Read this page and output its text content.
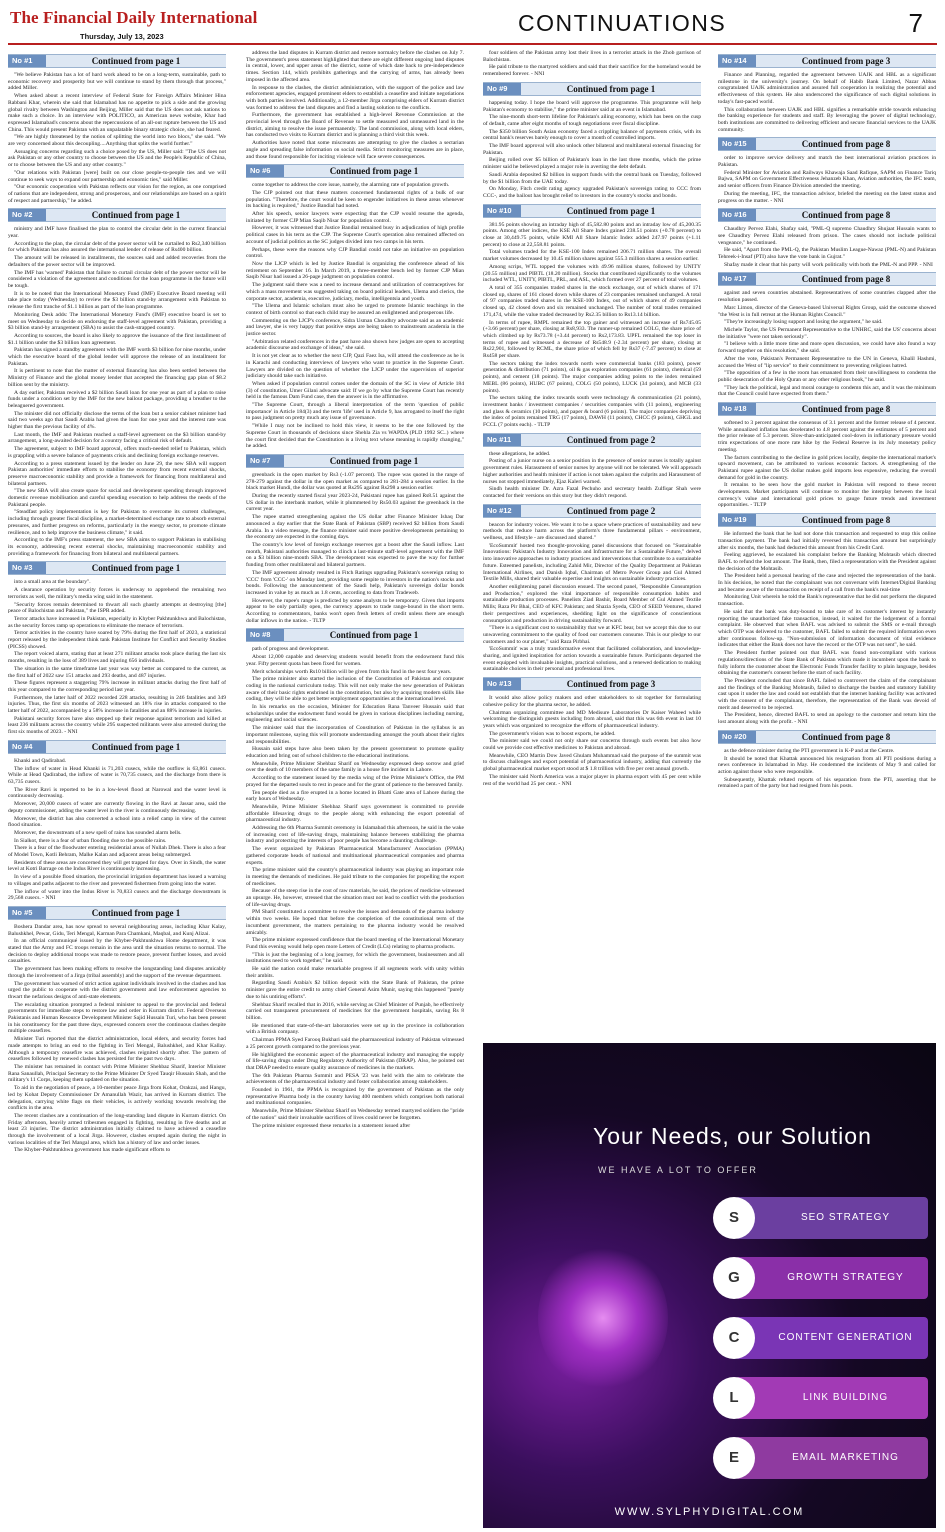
The Financial Daily International
Thursday, July 13, 2023
CONTINUATIONS	7
No #1	Continued from page 1

"We believe Pakistan has a lot of hard work ahead to be on a long-term, sustainable, path to economic recovery and prosperity but we will continue to stand by them through that process," added Miller.

When asked about a recent interview of Federal State for Foreign Affairs Minister Hina Rabbani Khar, wherein she said that Islamabad has no appetite to pick a side and the growing global rivalry between Washington and Beijing, Miller said that the US does not ask nations to make such a choice. In an interview with POLITICO, an American news website, Khar had expressed Islamabad's concerns about the repercussions of an all-out rupture between the US and China. This would present Pakistan with an unpalatable binary strategic choice, she had feared.

"We are highly threatened by the notion of splitting the world into two blocs," she said. "We are very concerned about this decoupling....Anything that splits the world further."

Assuaging concerns regarding such a choice posed by the US, Miller said: "The US does not ask Pakistan or any other country to choose between the US and the People's Republic of China, or to choose between the US and any other country."

"Our relations with Pakistan [were] built on our close people-to-people ties and we will continue to seek ways to expand our partnership and economic ties," said Miller.

"Our economic cooperation with Pakistan reflects our vision for the region, as one comprised of nations that are independent, strong and prosperous, and our relationships are based on a spirit of respect and partnership," he added.

No #2	Continued from page 1

ministry and IMF have finalised the plan to control the circular debt in the current financial year.

According to the plan, the circular debt of the power sector will be curtailed to Rs2,340 billion for which Pakistan has also assured the international lender of release of Rs400 billion.

The amount will be released in installments, the sources said and added recoveries from the defaulters of the power sector will be improved.

The IMF has 'warned' Pakistan that failure to curtail circular debt of the power sector will be considered a violation of the agreement and conditions for the loan programme in the future will be tough.

It is to be noted that the International Monetary Fund (IMF) Executive Board meeting will take place today (Wednesday) to review the $3 billion stand-by arrangement with Pakistan to release the first tranche of $1.1 billion as part of the loan programme.

Monitoring Desk adds: The International Monetary Fund's (IMF) executive board is set to meet on Wednesday to decide on endorsing the staff-level agreement with Pakistan, providing a $3 billion stand-by arrangement (SBA) to assist the cash-strapped country.

According to sources, the board is also likely to approve the issuance of the first installment of $1.1 billion under the $3 billion loan agreement.

Pakistan has signed a standby agreement with the IMF worth $3 billion for nine months, under which the executive board of the global lender will approve the release of an installment for Pakistan.

It is pertinent to note that the matter of external financing has also been settled between the Ministry of Finance and the global money lender that accepted the financing gap plan of $8.2 billion sent by the ministry.

A day earlier, Pakistan received a $2 billion Saudi loan for one year as part of a plan to raise funds under a condition set by the IMF for the new bailout package, providing a breather to the beleaguered government.

The minister did not officially disclose the terms of the loan but a senior cabinet minister had said two weeks ago that Saudi Arabia had given the loan for one year and the interest rate was higher than the previous facility of 4%.

Last month, the IMF and Pakistan reached a staff-level agreement on the $3 billion stand-by arrangement, a long-awaited decision for a country facing a critical risk of default.

The agreement, subject to IMF board approval, offers much-needed relief to Pakistan, which is grappling with a severe balance of payments crisis and declining foreign exchange reserves.

According to a press statement issued by the lender on June 29, the new SBA will support Pakistan authorities' immediate efforts to stabilise the economy from recent external shocks, preserve macroeconomic stability and provide a framework for financing from multilateral and bilateral partners.

"The new SBA will also create space for social and development spending through improved domestic revenue mobilisation and careful spending execution to help address the needs of the Pakistani people.

"Steadfast policy implementation is key for Pakistan to overcome its current challenges, including through greater fiscal discipline, a market-determined exchange rate to absorb external pressures, and further progress on reforms, particularly in the energy sector, to promote climate resilience, and to help improve the business climate," it said.

According to the IMF's press statement, the new SBA aims to support Pakistan in stabilising its economy, addressing recent external shocks, maintaining macroeconomic stability and providing a framework for financing from bilateral and multilateral partners.

No #3	Continued from page 1

into a small area at the boundary".

A clearance operation by security forces is underway to apprehend the remaining two terrorists as well, the military's media wing said in the statement.

"Security forces remain determined to thwart all such ghastly attempts at destroying [the] peace of Balochistan and Pakistan," the ISPR added.

Terror attacks have increased in Pakistan, especially in Khyber Pakhtunkhwa and Balochistan, as the security forces ramp up operations to eliminate the menace of terrorism.

Terror activities in the country have soared by 79% during the first half of 2023, a statistical report released by the independent think tank Pakistan Institute for Conflict and Security Studies (PICSS) showed.

The report voiced alarm, stating that at least 271 militant attacks took place during the last six months, resulting in the loss of 389 lives and injuring 656 individuals.

The situation in the same timeframe last year was way better as compared to the current, as the first half of 2022 saw 151 attacks and 293 deaths, and 487 injuries.

These figures represent a staggering 79% increase in militant attacks during the first half of this year compared to the corresponding period last year.

Furthermore, the latter half of 2022 recorded 228 attacks, resulting in 246 fatalities and 349 injuries. Thus, the first six months of 2023 witnessed an 18% rise in attacks compared to the latter half of 2022, accompanied by a 58% increase in fatalities and an 88% increase in injuries.

Pakistani security forces have also stepped up their response against terrorism and killed at least 236 militants across the country while 295 suspected militants were also arrested during the first six months of 2023. - NNI

No #4	Continued from page 1

Khanki and Qadirabad.

The inflow of water in Head Khanki is 71,203 cusecs, while the outflow is 63,861 cusecs. While at Head Qadirabad, the inflow of water is 70,735 cusecs, and the discharge from there is 63,735 cusecs.

The River Ravi is reported to be in a low-level flood at Narowal and the water level is continuously decreasing.

Moreover, 20,000 cusecs of water are currently flowing in the Ravi at Jassar area, said the deputy commissioner, adding the water level in the river is continuously decreasing.

Moreover, the district has also converted a school into a relief camp in view of the current flood situation.

Moreover, the downstream of a new spell of rains has sounded alarm bells.

In Sialkot, there is a fear of urban flooding due to the possible rains.

There is a fear of the floodwater entering residential areas of Nullah Dhek. There is also a fear of Model Town, Kotli Behram, Malke Kalan and adjacent areas being submerged.

Residents of these areas are concerned they will get trapped for days. Over in Sindh, the water level at Kotri Barrage on the Indus River is continuously increasing.

In view of a possible flood situation, the provincial irrigation department has issued a warning to villages and paths adjacent to the river and prevented fishermen from going into the water.

The inflow of water into the Indus River is 70,833 cusecs and the discharge downstream is 29,568 cusecs. - NNI

No #5	Continued from page 1

Boshera Dandar area, has now spread to several neighbouring areas, including Khar Kalay, Balushkhel, Pewar, Gidu, Teri Mengal, Karman Para Chamkani, Maqbal, and Kunj Alizai.

In an official communiqué issued by the Khyber-Pakhtunkhwa Home department, it was stated that the Army and FC troops remain in the area until the situation returns to normal. The decision to deploy additional troops was made to restore peace, prevent further losses, and avoid casualties.

The government has been making efforts to resolve the longstanding land disputes amicably through the involvement of a Jirga (tribal assembly) and the support of the revenue department.

The government has warned of strict action against individuals involved in the clashes and has urged the public to cooperate with the district government and law enforcement agencies to thwart the nefarious designs of anti-state elements.

The escalating situation prompted a federal minister to appeal to the provincial and federal governments for immediate steps to restore law and order in Kurram district. Federal Overseas Pakistanis and Human Resource Development Minister Sajid Hussain Turi, who has been present in his constituency for the past three days, expressed concern over the continuous clashes despite multiple ceasefires.

Minister Turi reported that the district administration, local elders, and security forces had made attempts to bring an end to the fighting in Teri Mengal, Balushkhel, and Khar Kallay. Although a temporary ceasefire was achieved, clashes reignited shortly after. The pattern of ceasefires followed by renewed clashes has persisted for the past two days.

The minister has remained in contact with Prime Minister Shehbaz Sharif, Interior Minister Rana Sanaullah, Principal Secretary to the Prime Minister Dr Syed Tauqir Hussain Shah, and the military's 11 Corps, keeping them updated on the situation.

To aid in the negotiation of peace, a 10-member peace Jirga from Kohat, Orakzai, and Hangu, led by Kohat Deputy Commissioner Dr Amanullah Wazir, has arrived in Kurram district. The delegation, carrying white flags on their vehicles, is actively working towards resolving the conflicts in the area.

The recent clashes are a continuation of the long-standing land dispute in Kurram district. On Friday afternoon, heavily armed tribesmen engaged in fighting, resulting in five deaths and at least 23 injuries. The district administration initially claimed to have achieved a ceasefire through the involvement of a local Jirga. However, clashes erupted again during the night in various localities of the Teri Mangal area, which has a history of law and order issues.

The Khyber-Pakhtunkhwa government has made significant efforts to

address the land disputes in Kurram district and restore normalcy before the clashes on July 7. The government's press statement highlighted that there are eight different ongoing land disputes in central, lower, and upper areas of the district, some of which date back to pre-independence times. Section 144, which prohibits gatherings and the carrying of arms, has already been imposed in the affected area.

In response to the clashes, the district administration, with the support of the police and law enforcement agencies, engaged prominent elders to establish a ceasefire and initiate negotiations with both parties involved. Additionally, a 12-member Jirga comprising elders of Kurram district was formed to address the land disputes and find a lasting solution to the conflicts.

Furthermore, the government has established a high-level Revenue Commission at the provincial level through the Board of Revenue to settle measured and unmeasured land in the district, aiming to resolve the issue permanently. The land commission, along with local elders, has conducted two visits to Kurram district and is planning a third visit this week.

Authorities have noted that some miscreants are attempting to give the clashes a sectarian angle and spreading false information on social media. Strict monitoring measures are in place, and those found responsible for inciting violence will face severe consequences.

No #6	Continued from page 1

come together to address the core issue, namely, the alarming rate of population growth.

The CJP pointed out that these matters concerned fundamental rights of a bulk of our population. "Therefore, the court would be keen to engender initiatives in these areas whenever its backing is required," Justice Bandial had noted.

After his speech, senior lawyers were expecting that the CJP would resume the agenda, initiated by former CJP Mian Saqib Nisar for population control.

However, it was witnessed that Justice Bandial remained busy in adjudication of high profile political cases in his term as the CJP. The Supreme Court's operation also remained affected on account of judicial politics as the SC judges divided into two camps in his term.

Perhaps, these were the reasons why CJP Bandial could not take an initiative on population control.

Now the LJCP which is led by Justice Bandial is organizing the conference ahead of his retirement on September 16. In March 2019, a three-member bench led by former CJP Mian Saqib Nisar had issued a 26-page judgment on population control.

The judgment said there was a need to increase demand and utilization of contraceptives for which a mass movement was suggested taking on board political leaders, Ulema and clerics, the corporate sector, academia, executive, judiciary, media, intelligentsia and youth.

"The Ulema and Islamic scholars must also be urged to promote Islamic teachings in the context of birth control so that each child may be assured an enlightened and prosperous life.

Commenting on the LJCP's conference, Sidra Usman Choudhry advocate said as an academic and lawyer, she is very happy that positive steps are being taken to mainstream academia in the justice sector.

"Arbitration related conferences in the past have also shown how judges are open to accepting academic discourse and exchange of ideas," she said.

It is not yet clear as to whether the next CJP, Qazi Faez Isa, will attend the conference as he is in Karachi and conducting interviews of lawyers who want to practice in the Supreme Court. Lawyers are divided on the question of whether the LJCP under the supervision of superior judiciary should take such initiative.

When asked if population control comes under the domain of the SC in view of Article 184 (3) of constitution, Umer Gilani advocate said: If we go by what the Supreme Court has recently held in the famous Dam Fund case, then the answer is in the affirmative.

"The Supreme Court, through a liberal interpretation of the term 'question of public importance' in Article 184(3) and the term 'life' used in Article 9, has arrogated to itself the right to pass judgment on pretty much any issue of governance.

"While I may not be inclined to hold this view, it seems to be the one followed by the Supreme Court in thousands of decisions since Shehla Zia vs WAPDA (PLD 1992 SC..) where the court first decided that the Constitution is a living text whose meaning is rapidly changing," he added.

No #7	Continued from page 1

greenback in the open market by Rs3 (-1.07 percent). The rupee was quoted in the range of 278-279 against the dollar in the open market as compared to 281-284 a session earlier. In the black market Hundi, the dollar was quoted at Rs295 against Rs298 a session earlier.

During the recently started fiscal year 2023-24, Pakistani rupee has gained Rs8.51 against the US dollar in the interbank market, while it plummeted by Rs50.03 against the greenback in the current year.

The rupee started strengthening against the US dollar after Finance Minister Ishaq Dar announced a day earlier that the State Bank of Pakistan (SBP) received $2 billion from Saudi Arabia. In a video message, the finance minister said more positive developments pertaining to the economy are expected in the coming days.

The country's low level of foreign exchange reserves got a boost after the Saudi inflow. Last month, Pakistani authorities managed to clinch a last-minute staff-level agreement with the IMF on a $3 billion nine-month SBA. The development was expected to pave the way for further funding from other multilateral and bilateral partners.

The IMF agreement already resulted in Fitch Ratings upgrading Pakistan's sovereign rating to 'CCC' from 'CCC-' on Monday last, providing some respite to investors in the nation's stocks and bonds. Following the announcement of the Saudi help, Pakistan's sovereign dollar bonds increased in value by as much as 1.8 cents, according to data from Tradeweb.

However, the rupee's range is predicted by some analysts to be temporary. Given that imports appear to be only partially open, the currency appears to trade range-bound in the short term. According to commentators, banks won't open fresh letters of credit unless there are enough dollar inflows in the nation. - TLTP

No #8	Continued from page 1

path of progress and development.

About 12,000 capable and deserving students would benefit from the endowment fund this year. Fifty percent quota has been fixed for women.

Merit scholarships worth Rs10 billion will be given from this fund in the next four years.

The prime minister also started the inclusion of the Constitution of Pakistan and computer coding in the national curriculum today. This will not only make the new generation of Pakistan aware of their basic rights enshrined in the constitution, but also by acquiring modern skills like coding, they will be able to get better employment opportunities at the international level.

In his remarks on the occasion, Minister for Education Rana Tanveer Hussain said that scholarships under the endowment fund would be given in various disciplines including nursing, engineering and social sciences.

The minister said that the incorporation of Constitution of Pakistan in the syllabus is an important milestone, saying this will promote understanding amongst the youth about their rights and responsibilities.

Hussain said steps have also been taken by the present government to promote quality education and bring out of school children to the educational institutions.

Meanwhile, Prime Minister Shehbaz Sharif on Wednesday expressed deep sorrow and grief over the death of 10 members of the same family in a house fire incident in Lahore.

According to the statement issued by the media wing of the Prime Minister's Office, the PM prayed for the departed souls to rest in peace and for the grant of patience to the bereaved family.

Ten people died as a fire erupted in a home located in Bhatti Gate area of Lahore during the early hours of Wednesday.

Meanwhile, Prime Minister Shehbaz Sharif says government is committed to provide affordable lifesaving drugs to the people along with enhancing the export potential of pharmaceutical industry.

Addressing the 6th Pharma Summit ceremony in Islamabad this afternoon, he said in the wake of increasing cost of life-saving drugs, maintaining balance between stabilizing the pharma industry and protecting the interests of poor people has become a daunting challenge.

The event organized by Pakistan Pharmaceutical Manufacturers' Association (PPMA) gathered corporate heads of national and multinational pharmaceutical companies and pharma experts.

The prime minister said the country's pharmaceutical industry was playing an important role in meeting the demands of medicines. He paid tribute to the companies for propelling the export of medicines.

Because of the steep rise in the cost of raw materials, he said, the prices of medicine witnessed an upsurge. He, however, stressed that the situation must not lead to conflict with the production of life-saving drugs.

PM Sharif constituted a committee to resolve the issues and demands of the pharma industry within two weeks. He hoped that before the completion of the constitutional term of the incumbent government, the matters pertaining to the pharma industry would be resolved amicably.

The prime minister expressed confidence that the board meeting of the International Monetary Fund this evening would help open more Letters of Credit (LCs) relating to pharma products.

"This is just the beginning of a long journey, for which the government, businessmen and all institutions need to work together," he said.

He said the nation could make remarkable progress if all segments work with unity within their ambits.

Regarding Saudi Arabia's $2 billion deposit with the State Bank of Pakistan, the prime minister gave the entire credit to army chief General Asim Munir, saying this happened "purely due to his untiring efforts".

Shehbaz Sharif recalled that in 2016, while serving as Chief Minister of Punjab, he effectively carried out transparent procurement of medicines for the government hospitals, saving Rs 8 billion.

He mentioned that state-of-the-art laboratories were set up in the province in collaboration with a British company.

Chairman PPMA Syed Farooq Bukhari said the pharmaceutical industry of Pakistan witnessed a 25 percent growth compared to the previous year.

He highlighted the economic aspect of the pharmaceutical industry and managing the supply of life-saving drugs under Drug Regulatory Authority of Pakistan (DRAP). Also, he pointed out that DRAP needed to ensure quality assurance of medicines in the markets.

The 6th Pakistan Pharma Summit and PESA '23 was held with the aim to celebrate the achievements of the pharmaceutical industry and foster collaboration among stakeholders.

Founded in 1961, the PPMA is recognized by the government of Pakistan as the only representative Pharma body in the country having 400 members which comprises both national and multinational companies.

Meanwhile, Prime Minister Shehbaz Sharif on Wednesday termed martyred soldiers the "pride of the nation" said their invaluable sacrifices of lives could never be forgotten.

The prime minister expressed these remarks in a statement issued after

four soldiers of the Pakistan army lost their lives in a terrorist attack in the Zhob garrison of Balochistan.

He paid tribute to the martyred soldiers and said that their sacrifice for the homeland would be remembered forever. - NNI

No #9	Continued from page 1

happening today. I hope the board will approve the programme. This programme will help Pakistan's economy to stabilise," the prime minister said at an event in Islamabad.

The nine-month short-term lifeline for Pakistan's ailing economy, which has been on the cusp of default, came after eight months of tough negotiations over fiscal discipline.

The $350 billion South Asian economy faced a crippling balance of payments crisis, with its central bank's reserves barely enough to cover a month of controlled imports.

The IMF board approval will also unlock other bilateral and multilateral external financing for Pakistan.

Beijing rolled over $5 billion of Pakistan's loan in the last three months, which the prime minister said he believed played a major role in averting the debt default.

Saudi Arabia deposited $2 billion in support funds with the central bank on Tuesday, followed by the $1 billion from the UAE today.

On Monday, Fitch credit rating agency upgraded Pakistan's sovereign rating to CCC from CCC-, and the bailout has brought relief to investors in the country's stocks and bonds.

No #10	Continued from page 1

381.95 points showing an intraday high of 45,582.80 points and an intraday low of 45,200.35 points. Among other indices, the KSE All Share Index gained 238.51 points (+0.78 percent) to close at 30,449.75 points, while KMI All Share Islamic Index added 247.97 points (+1.11 percent) to close at 22,558.81 points.

Total volumes traded for the KSE-100 Index remained 206.71 million shares. The overall market volumes decreased by 10.45 million shares against 555.3 million shares a session earlier.

Among scrips, WTL topped the volumes with 49.96 million shares, followed by UNITY (20.55 million) and PIBTL (18.20 million). Stocks that contributed significantly to the volumes included WTL, UNITY, PIBTL, PRL, and ASL, which formed over 27 percent of total volumes.

A total of 355 companies traded shares in the stock exchange, out of which shares of 171 closed up, shares of 161 closed down while shares of 23 companies remained unchanged. A total of 97 companies traded shares in the KSE-100 Index, out of which shares of 49 companies closed up, 42 closed down and six remained unchanged. The number of total trades remained 171,474, while the value traded decreased by Rs2.35 billion to Rs13.14 billion.

In terms of rupee, RMPL remained the top gainer and witnessed an increase of Rs745.05 (+3.66 percent) per share, closing at Rs8,933. The runner-up remained COLG, the share price of which climbed up by Rs73.78 (+3.44 percent) to Rs2,173.83. UPFL remained the top loser in terms of rupee and witnessed a decrease of Rs548.9 (-2.34 percent) per share, closing at Rs22,901, followed by RCML, the share price of which fell by Rs37 (-7.47 percent) to close at Rs458 per share.

The sectors taking the index towards north were commercial banks (183 points), power generation & distribution (71 points), oil & gas exploration companies (61 points), chemical (59 points), and cement (18 points). The major companies adding points to the index remained MEBL (86 points), HUBC (67 points), COLG (50 points), LUCK (34 points), and MCB (33 points).

The sectors taking the index towards south were technology & communication (21 points), investment banks / investment companies / securities companies with (11 points), engineering and glass & ceramics (10 points), and paper & board (6 points). The major companies depriving the index of points remained TRG (17 points), DAWH (11 points), CHCC (9 points), GHGL and FCCL (7 points each). - TLTP

No #11	Continued from page 2

these allegations, he added.

Posting of a junior nurse on a senior position in the presence of senior nurses is totally against government rules. Harassment of senior nurses by anyone will not be tolerated. We will approach higher authorities and health minister if action is not taken against the culprits and Harassment of nurses not stopped immediately, Ejaz Kaleri warned.

Sindh health minister Dr. Azra Fazal Pechuho and secretary health Zulfiqar Shah were contacted for their versions on this story but they didn't respond.

No #12	Continued from page 2

beacon for industry voices. We want it to be a space where practices of sustainability and new methods that reduce harm across the platform's three fundamental pillars - environment, wellness, and lifestyle - are discussed and shared."

'EcoSummit' hosted two thought-provoking panel discussions that focused on "Sustainable Innovations: Pakistan's Industry Innovation and Infrastructure for a Sustainable Future," delved into innovative approaches to industry practices and interventions that contribute to a sustainable future. Esteemed panelists, including Zahid Mir, Director of the Quality Department at Pakistan International Airlines, and Danish Iqbal, Chairman of Metro Power Group and Gul Ahmed Textile Mills, shared their valuable expertise and insights on sustainable industry practices.

Another enlightening panel discussion ensued. The second panel, "Responsible Consumption and Production," explored the vital importance of responsible consumption habits and sustainable production processes. Panelists Ziad Bashir, Board Member of Gul Ahmed Textile Mills; Raza Pir Bhai, CEO of KFC Pakistan; and Shazia Syeda, CEO of SEED Ventures, shared their perspectives and experiences, shedding light on the significance of conscientious consumption and production in driving sustainability forward.

"There is a significant cost to sustainability that we at KFC bear, but we accept this due to our unwavering commitment to the quality of food our customers consume. This is our pledge to our customers and to our planet," said Raza Pirbhai.

'EcoSummit' was a truly transformative event that facilitated collaboration, and knowledge-sharing, and ignited inspiration for action towards a sustainable future. Participants departed the event equipped with invaluable insights, practical solutions, and a renewed dedication to making sustainable choices in their personal and professional lives.

No #13	Continued from page 3

It would also allow policy makers and other stakeholders to sit together for formulating cohesive policy for the pharma sector, he added.

Chairman organizing committee and MD Medisure Laboratories Dr Kaiser Waheed while welcoming the distinguish guests including from abroad, said that this was 6th event in last 10 years which was organized to recognize the efforts of pharmaceutical industry.

The government's vision was to boost exports, he added.

The minister said we could not only share our concerns through such events but also how could we provide cost effective medicines to Pakistan and abroad.

Meanwhile, CEO Martin Dow Javed Ghulam Muhammad said the purpose of the summit was to discuss challenges and export potential of pharmaceutical industry, adding that currently the global pharmaceutical market export stood at $ 1.8 trillion with five per cent annual growth.

The minister said North America was a major player in pharma export with 45 per cent while rest of the world had 25 per cent. - NNI

No #14	Continued from page 3

Finance and Planning, regarded the agreement between UAJK and HBL as a significant milestone in the university's journey. On behalf of Habib Bank Limited, Nazar Abbas congratulated UAJK administration and assured full cooperation in realizing the potential and effectiveness of this system. He also underscored the significance of such digital solutions in today's fast-paced world.

This collaboration between UAJK and HBL signifies a remarkable stride towards enhancing the banking experience for students and staff. By leveraging the power of digital technology, both institutions are committed to delivering efficient and secure financial services to the UAJK community.

No #15	Continued from page 8

order to improve service delivery and match the best international aviation practices in Pakistan.

Federal Minister for Aviation and Railways Khawaja Saad Rafique, SAPM on Finance Tariq Bajwa, SAPM on Government Effectiveness Jehanzeb Khan, Aviation authorities, the IFC team, and senior officers from Finance Division attended the meeting.

During the meeting, IFC, the transaction advisor, briefed the meeting on the latest status and progress on the matter. - NNI

No #16	Continued from page 8

Chaudhry Pervez Elahi, Shafay said, "PML-Q supremo Chaudhry Shujaat Hussain wants to see Chaudhry Pervez Elahi released from prison. The cases should not include political vengeance," he continued.

He said, "Apart from the PML-Q, the Pakistan Muslim League-Nawaz (PML-N) and Pakistan Tehreek-i-Insaf (PTI) also have the vote bank in Gujrat."

Shafay made it clear that his party will work politically with both the PML-N and PPP. - NNI

No #17	Continued from page 8

against and seven countries abstained. Representatives of some countries clapped after the resolution passed.

Marc Limon, director of the Geneva-based Universal Rights Group, said the outcome showed "the West is in full retreat at the Human Rights Council."

"They're increasingly losing support and losing the argument," he said.

Michele Taylor, the US Permanent Representative to the UNHRC, said the US' concerns about the initiative "were not taken seriously".

"I believe with a little more time and more open discussion, we could have also found a way forward together on this resolution," she said.

After the vote, Pakistan's Permanent Representative to the UN in Geneva, Khalil Hashmi, accused the West of "lip service" to their commitment to preventing religious hatred.

"The opposition of a few in the room has emanated from their unwillingness to condemn the public desecration of the Holy Quran or any other religious book," he said.

"They lack the political, legal and moral courage to condemn this act, and it was the minimum that the Council could have expected from them."

No #18	Continued from page 8

softened to 3 percent against the consensus of 3.1 percent and the former release of 4 percent. While annualized inflation has decelerated to 4.8 percent against the estimates of 5 percent and the prior release of 5.3 percent. Slow-than-anticipated cool-down in inflationary pressure would trim expectations of one more rate hike by the Federal Reserve in its July monetary policy meeting.

The factors contributing to the decline in gold prices locally, despite the international market's upward movement, can be attributed to various economic factors. A strengthening of the Pakistani rupee against the US dollar makes gold imports less expensive, reducing the overall demand for gold in the country.

It remains to be seen how the gold market in Pakistan will respond to these recent developments. Market participants will continue to monitor the interplay between the local currency's value and international gold prices to gauge future trends and investment opportunities. - TLTP

No #19	Continued from page 8

He informed the bank that he had not done this transaction and requested to stop this online transaction payment. The bank had initially reversed this transaction amount but surprisingly after six months, the bank had deducted this amount from his Credit Card.

Feeling aggrieved, he escalated his complaint before the Banking Mohtasib which directed BAFL to refund the lost amount. The Bank, then, filed a representation with the President against the decision of the Mohtasib.

The President held a personal hearing of the case and rejected the representation of the bank. In his decision, he noted that the complainant was not conversant with Internet/Digital Banking and became aware of the transaction on receipt of a call from the bank's real-time

Monitoring Unit wherein he told the Bank's representative that he did not perform the disputed transaction.

He said that the bank was duty-bound to take care of its customer's interest by instantly reporting the unauthorized fake transaction, instead, it waited for the lodgement of a formal complaint. He observed that when BAFL was advised to submit the SMS or e-mail through which OTP was delivered to the customer, BAFL failed to submit the required information even after continuous follow-up. "Non-submission of information document of vital evidence indicates that either the Bank does not have the record or the OTP was not sent", he said.

The President further pointed out that BAFL was found non-compliant with various regulations/directions of the State Bank of Pakistan which made it incumbent upon the bank to fully inform the customer about the Electronic Funds Transfer facility to plain language, besides obtaining the customer's consent before the start of such facility.

The President concluded that since BAFL failed to controvert the claim of the complainant and the findings of the Banking Mohtasib, failed to discharge the burden and statutory liability cast upon it under the law and could not establish that the internet banking facility was activated with the consent of the complainant, therefore, the representation of the Bank was devoid of merit and deserved to be rejected.

The President, hence, directed BAFL to send an apology to the customer and return him the lost amount along with the profit. - NNI

No #20	Continued from page 8

as the defence minister during the PTI government in K-P and at the Centre.

It should be noted that Khattak announced his resignation from all PTI positions during a news conference in Islamabad in May. He condemned the incidents of May 9 and called for action against those who were responsible.

Subsequently, Khattak refuted reports of his separation from the PTI, asserting that he remained a part of the party but had resigned from his posts.

Your Needs, our Solution
WE HAVE A LOT TO OFFER
S	SEO STRATEGY
G	GROWTH STRATEGY
C	CONTENT GENERATION
L	LINK BUILDING
E	EMAIL MARKETING
WWW.SYLPHYDIGITAL.COM
